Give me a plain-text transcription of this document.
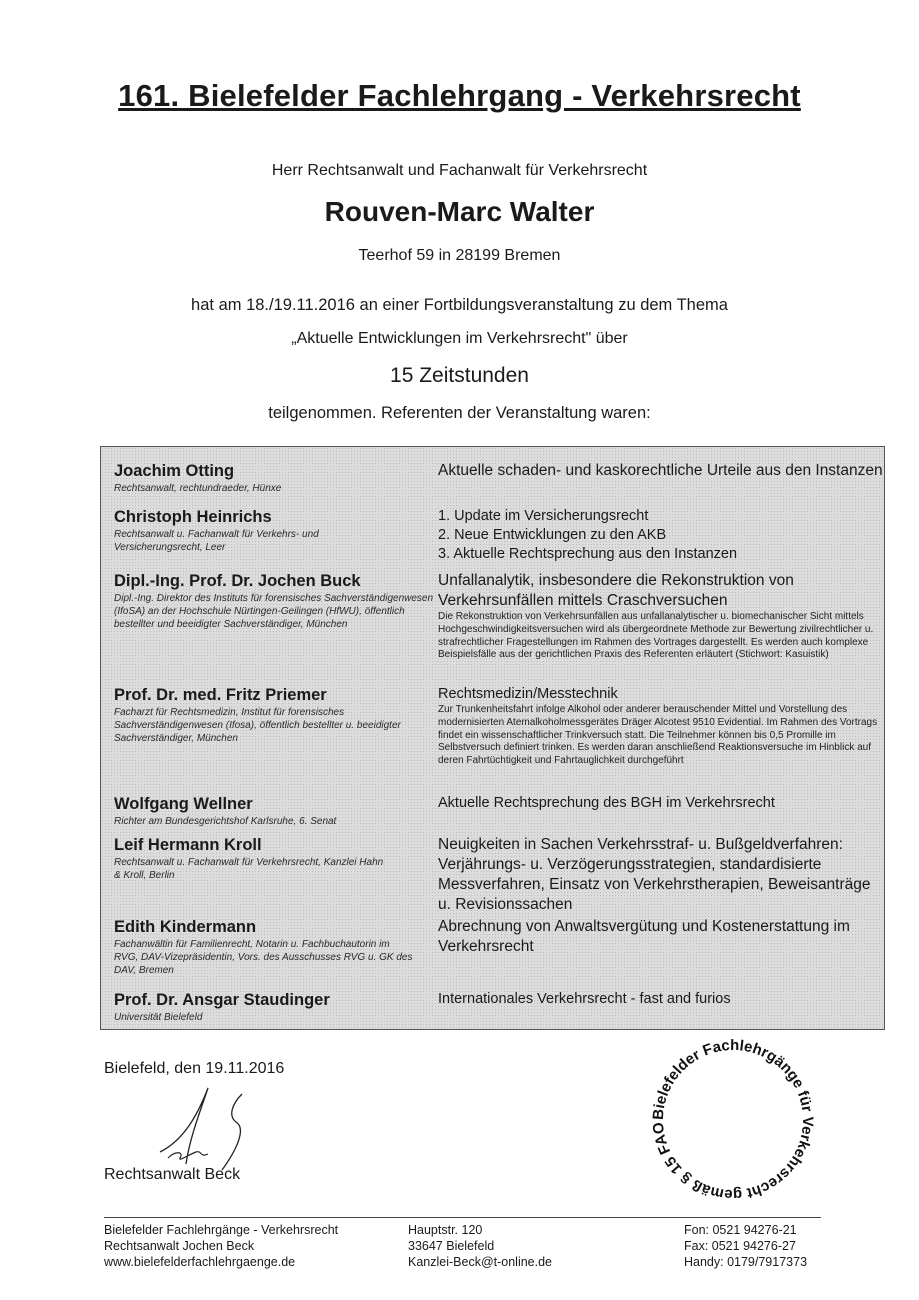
161. Bielefelder Fachlehrgang - Verkehrsrecht
Herr Rechtsanwalt und Fachanwalt für Verkehrsrecht
Rouven-Marc Walter
Teerhof 59 in 28199 Bremen
hat am 18./19.11.2016 an einer Fortbildungsveranstaltung zu dem Thema
„Aktuelle Entwicklungen im Verkehrsrecht" über
15 Zeitstunden
teilgenommen. Referenten der Veranstaltung waren:
Joachim Otting
Rechtsanwalt, rechtundraeder, Hünxe
Aktuelle schaden- und kaskorechtliche Urteile aus den Instanzen
Christoph Heinrichs
Rechtsanwalt u. Fachanwalt für Verkehrs- und Versicherungsrecht, Leer
1. Update im Versicherungsrecht
2. Neue Entwicklungen zu den AKB
3. Aktuelle Rechtsprechung aus den Instanzen
Dipl.-Ing. Prof. Dr. Jochen Buck
Dipl.-Ing. Direktor des Instituts für forensisches Sachverständigenwesen (IfoSA) an der Hochschule Nürtingen-Geilingen (HfWU), öffentlich bestellter und beeidigter Sachverständiger, München
Unfallanalytik, insbesondere die Rekonstruktion von Verkehrsunfällen mittels Craschversuchen
Die Rekonstruktion von Verkehrsunfällen aus unfallanalytischer u. biomechanischer Sicht mittels Hochgeschwindigkeitsversuchen wird als übergeordnete Methode zur Bewertung zivilrechtlicher u. strafrechtlicher Fragestellungen im Rahmen des Vortrages dargestellt. Es werden auch komplexe Beispielsfälle aus der gerichtlichen Praxis des Referenten erläutert (Stichwort: Kasuistik)
Prof. Dr. med. Fritz Priemer
Facharzt für Rechtsmedizin, Institut für forensisches Sachverständigenwesen (Ifosa), öffentlich bestellter u. beeidigter Sachverständiger, München
Rechtsmedizin/Messtechnik
Zur Trunkenheitsfahrt infolge Alkohol oder anderer berauschender Mittel und Vorstellung des modernisierten Atemalkoholmessgerätes Dräger Alcotest 9510 Evidential. Im Rahmen des Vortrags findet ein wissenschaftlicher Trinkversuch statt. Die Teilnehmer können bis 0,5 Promille im Selbstversuch definiert trinken. Es werden daran anschließend Reaktionsversuche im Hinblick auf deren Fahrtüchtigkeit und Fahrtauglichkeit durchgeführt
Wolfgang Wellner
Richter am Bundesgerichtshof Karlsruhe, 6. Senat
Aktuelle Rechtsprechung des BGH im Verkehrsrecht
Leif Hermann Kroll
Rechtsanwalt u. Fachanwalt für Verkehrsrecht, Kanzlei Hahn & Kroll, Berlin
Neuigkeiten in Sachen Verkehrsstraf- u. Bußgeldverfahren: Verjährungs- u. Verzögerungsstrategien, standardisierte Messverfahren, Einsatz von Verkehrstherapien, Beweisanträge u. Revisionssachen
Edith Kindermann
Fachanwältin für Familienrecht, Notarin u. Fachbuchautorin im RVG, DAV-Vizepräsidentin, Vors. des Ausschusses RVG u. GK des DAV, Bremen
Abrechnung von Anwaltsvergütung und Kostenerstattung im Verkehrsrecht
Prof. Dr. Ansgar Staudinger
Universität Bielefeld
Internationales Verkehrsrecht - fast and furios
Bielefeld, den 19.11.2016
Rechtsanwalt Beck
Bielefelder Fachlehrgänge für Verkehrsrecht gemäß § 15 FAO
Bielefelder Fachlehrgänge - Verkehrsrecht
Rechtsanwalt Jochen Beck
www.bielefelderfachlehrgaenge.de
Hauptstr. 120
33647 Bielefeld
Kanzlei-Beck@t-online.de
Fon: 0521 94276-21
Fax: 0521 94276-27
Handy: 0179/7917373
